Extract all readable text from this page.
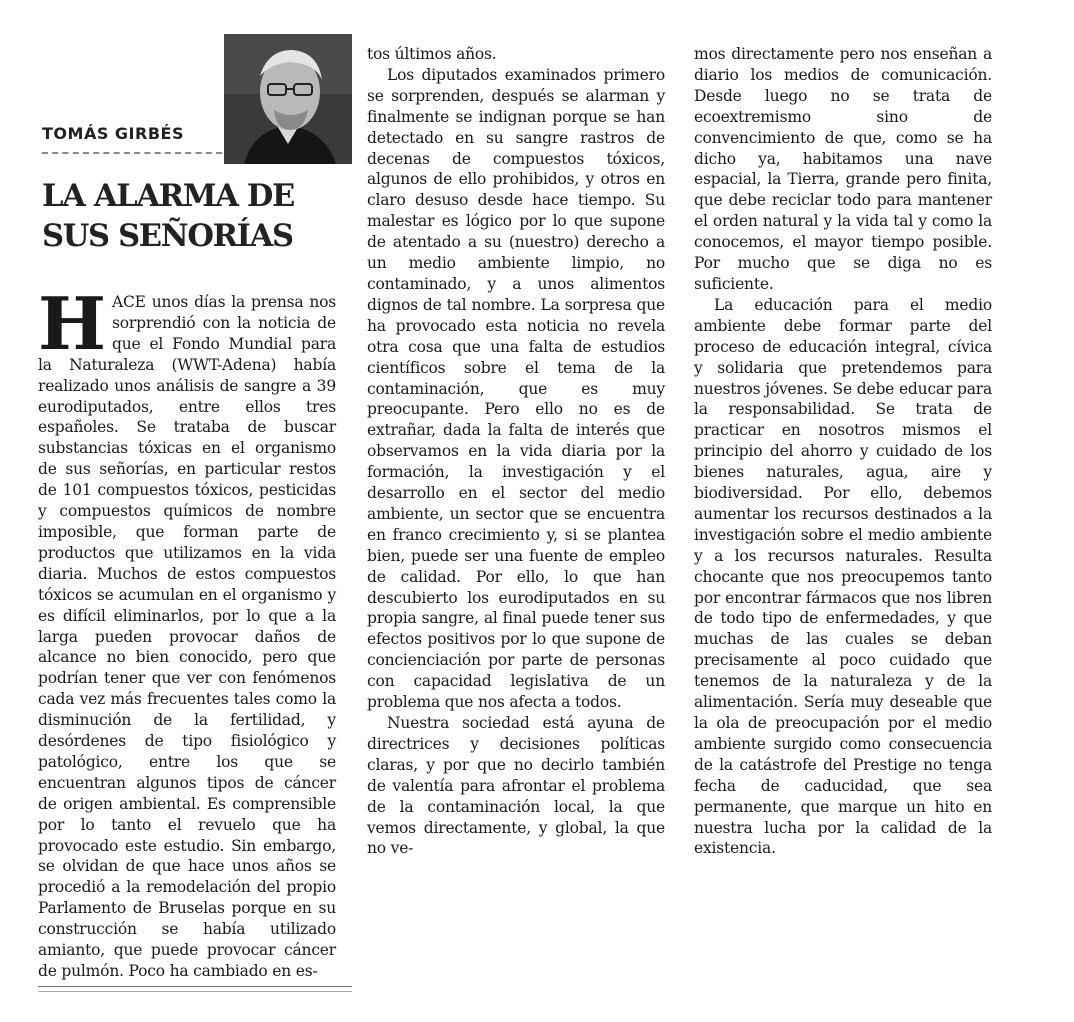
TOMÁS GIRBÉS
LA ALARMA DE SUS SEÑORÍAS

HACE unos días la prensa nos sorprendió con la noticia de que el Fondo Mundial para la Naturaleza (WWT-Adena) había realizado unos análisis de sangre a 39 eurodiputados, entre ellos tres españoles. Se trataba de buscar substancias tóxicas en el organismo de sus señorías, en particular restos de 101 compuestos tóxicos, pesticidas y compuestos químicos de nombre imposible, que forman parte de productos que utilizamos en la vida diaria. Muchos de estos compuestos tóxicos se acumulan en el organismo y es difícil eliminarlos, por lo que a la larga pueden provocar daños de alcance no bien conocido, pero que podrían tener que ver con fenómenos cada vez más frecuentes tales como la disminución de la fertilidad, y desórdenes de tipo fisiológico y patológico, entre los que se encuentran algunos tipos de cáncer de origen ambiental. Es comprensible por lo tanto el revuelo que ha provocado este estudio. Sin embargo, se olvidan de que hace unos años se procedió a la remodelación del propio Parlamento de Bruselas porque en su construcción se había utilizado amianto, que puede provocar cáncer de pulmón. Poco ha cambiado en es-

tos últimos años.

Los diputados examinados primero se sorprenden, después se alarman y finalmente se indignan porque se han detectado en su sangre rastros de decenas de compuestos tóxicos, algunos de ello prohibidos, y otros en claro desuso desde hace tiempo. Su malestar es lógico por lo que supone de atentado a su (nuestro) derecho a un medio ambiente limpio, no contaminado, y a unos alimentos dignos de tal nombre. La sorpresa que ha provocado esta noticia no revela otra cosa que una falta de estudios científicos sobre el tema de la contaminación, que es muy preocupante. Pero ello no es de extrañar, dada la falta de interés que observamos en la vida diaria por la formación, la investigación y el desarrollo en el sector del medio ambiente, un sector que se encuentra en franco crecimiento y, si se plantea bien, puede ser una fuente de empleo de calidad. Por ello, lo que han descubierto los eurodiputados en su propia sangre, al final puede tener sus efectos positivos por lo que supone de concienciación por parte de personas con capacidad legislativa de un problema que nos afecta a todos.

Nuestra sociedad está ayuna de directrices y decisiones políticas claras, y por que no decirlo también de valentía para afrontar el problema de la contaminación local, la que vemos directamente, y global, la que no ve-

mos directamente pero nos enseñan a diario los medios de comunicación. Desde luego no se trata de ecoextremismo sino de convencimiento de que, como se ha dicho ya, habitamos una nave espacial, la Tierra, grande pero finita, que debe reciclar todo para mantener el orden natural y la vida tal y como la conocemos, el mayor tiempo posible. Por mucho que se diga no es suficiente.

La educación para el medio ambiente debe formar parte del proceso de educación integral, cívica y solidaria que pretendemos para nuestros jóvenes. Se debe educar para la responsabilidad. Se trata de practicar en nosotros mismos el principio del ahorro y cuidado de los bienes naturales, agua, aire y biodiversidad. Por ello, debemos aumentar los recursos destinados a la investigación sobre el medio ambiente y a los recursos naturales. Resulta chocante que nos preocupemos tanto por encontrar fármacos que nos libren de todo tipo de enfermedades, y que muchas de las cuales se deban precisamente al poco cuidado que tenemos de la naturaleza y de la alimentación. Sería muy deseable que la ola de preocupación por el medio ambiente surgido como consecuencia de la catástrofe del Prestige no tenga fecha de caducidad, que sea permanente, que marque un hito en nuestra lucha por la calidad de la existencia.
